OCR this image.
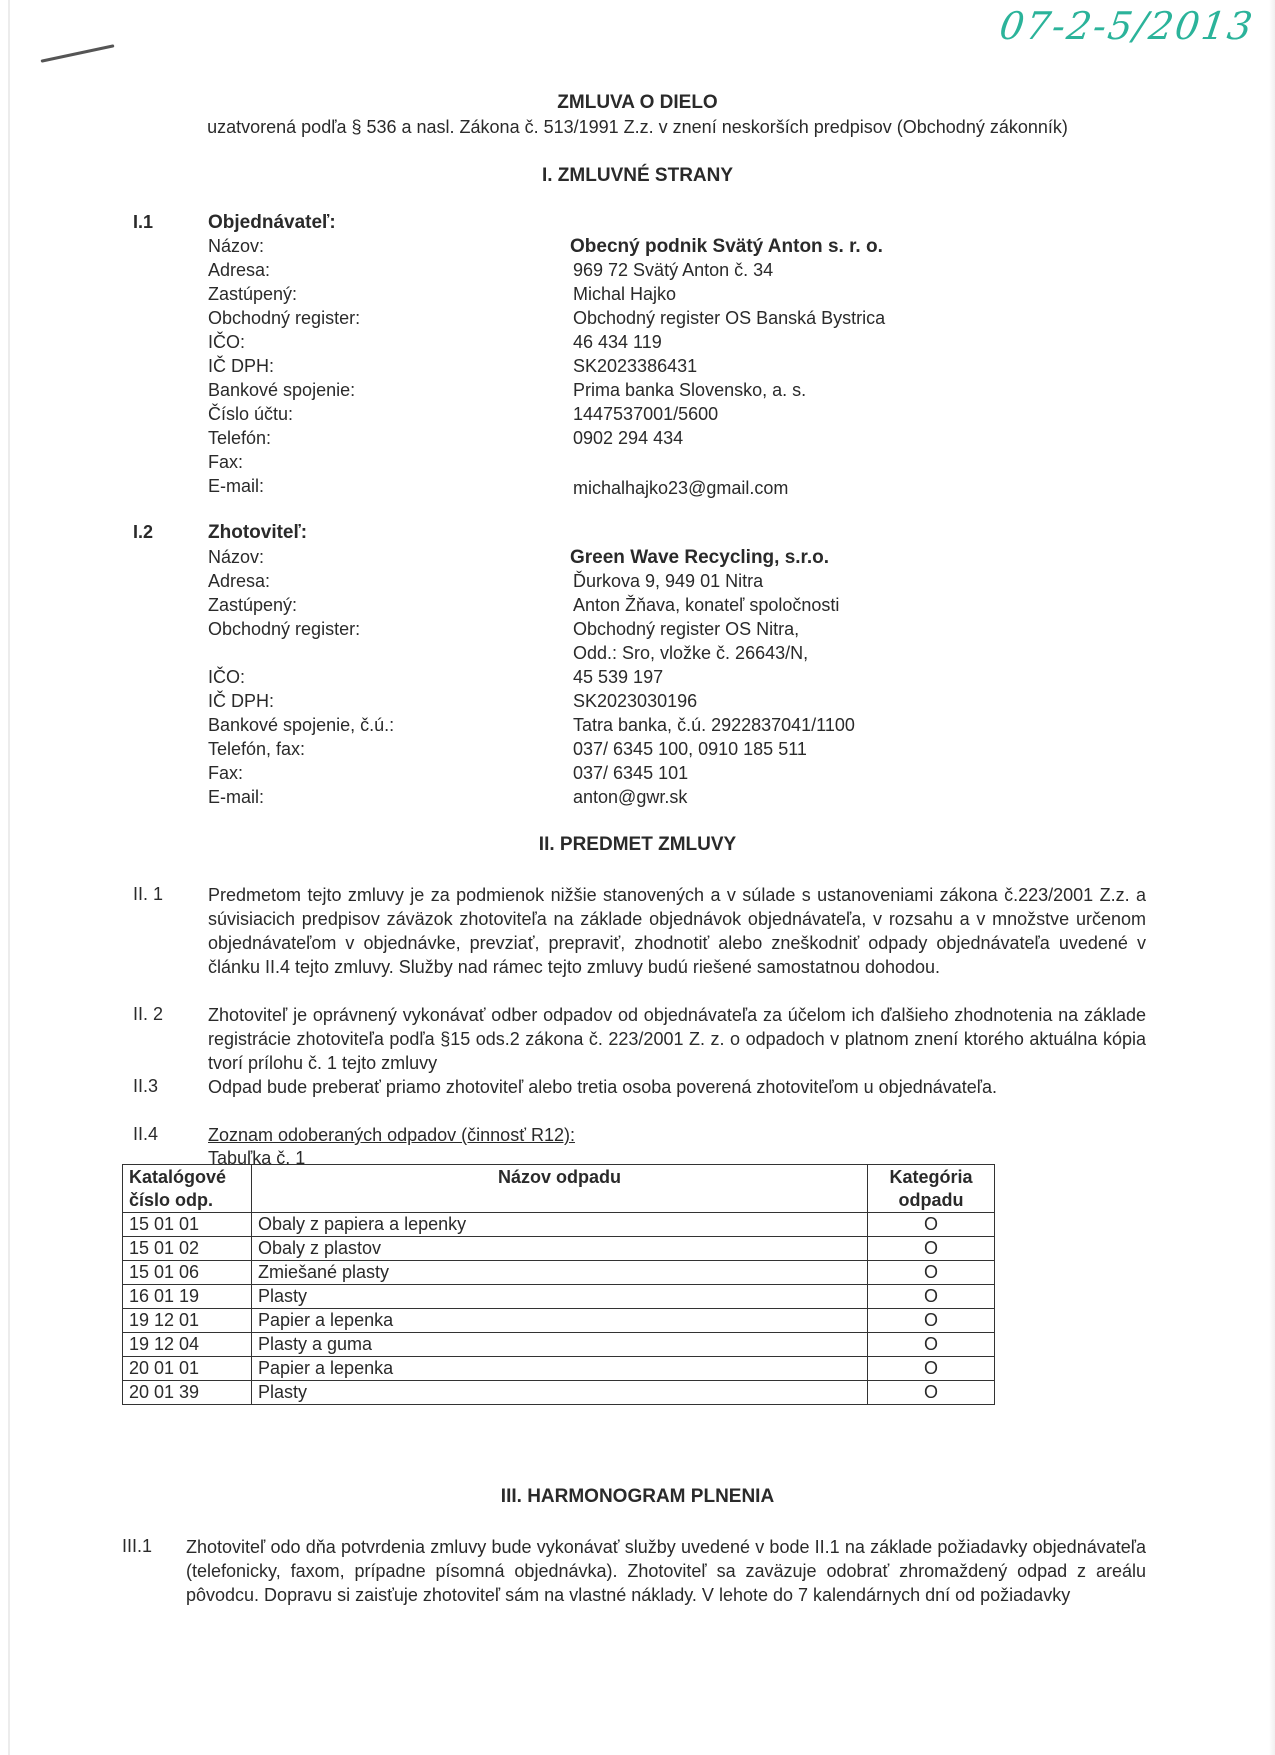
07-2-5/2013
ZMLUVA O DIELO
uzatvorená podľa § 536 a nasl. Zákona č. 513/1991 Z.z. v znení neskorších predpisov (Obchodný zákonník)
I. ZMLUVNÉ STRANY
I.1	Objednávateľ:
Názov:	Obecný podnik Svätý Anton s. r. o.
Adresa:	969 72 Svätý Anton č. 34
Zastúpený:	Michal Hajko
Obchodný register:	Obchodný register OS Banská Bystrica
IČO:	46 434 119
IČ DPH:	SK2023386431
Bankové spojenie:	Prima banka Slovensko, a. s.
Číslo účtu:	1447537001/5600
Telefón:	0902 294 434
Fax:
E-mail:	michalhajko23@gmail.com
I.2	Zhotoviteľ:
Názov:	Green Wave Recycling, s.r.o.
Adresa:	Ďurkova 9, 949 01 Nitra
Zastúpený:	Anton Žňava, konateľ spoločnosti
Obchodný register:	Obchodný register OS Nitra,
Odd.: Sro, vložke č. 26643/N,
IČO:	45 539 197
IČ DPH:	SK2023030196
Bankové spojenie, č.ú.:	Tatra banka, č.ú. 2922837041/1100
Telefón, fax:	037/ 6345 100, 0910 185 511
Fax:	037/ 6345 101
E-mail:	anton@gwr.sk
II. PREDMET ZMLUVY
II. 1 Predmetom tejto zmluvy je za podmienok nižšie stanovených a v súlade s ustanoveniami zákona č.223/2001 Z.z. a súvisiacich predpisov záväzok zhotoviteľa na základe objednávok objednávateľa, v rozsahu a v množstve určenom objednávateľom v objednávke, prevziať, prepraviť, zhodnotiť alebo zneškodniť odpady objednávateľa uvedené v článku II.4 tejto zmluvy. Služby nad rámec tejto zmluvy budú riešené samostatnou dohodou.
II. 2 Zhotoviteľ je oprávnený vykonávať odber odpadov od objednávateľa za účelom ich ďalšieho zhodnotenia na základe registrácie zhotoviteľa podľa §15 ods.2 zákona č. 223/2001 Z. z. o odpadoch v platnom znení ktorého aktuálna kópia tvorí prílohu č. 1 tejto zmluvy
II.3	Odpad bude preberať priamo zhotoviteľ alebo tretia osoba poverená zhotoviteľom u objednávateľa.
II.4	Zoznam odoberaných odpadov (činnosť R12):
Tabuľka č. 1
Katalógové číslo odp.	Názov odpadu	Kategória odpadu
15 01 01	Obaly z papiera a lepenky	O
15 01 02	Obaly z plastov	O
15 01 06	Zmiešané plasty	O
16 01 19	Plasty	O
19 12 01	Papier a lepenka	O
19 12 04	Plasty a guma	O
20 01 01	Papier a lepenka	O
20 01 39	Plasty	O
III. HARMONOGRAM PLNENIA
III.1 Zhotoviteľ odo dňa potvrdenia zmluvy bude vykonávať služby uvedené v bode II.1 na základe požiadavky objednávateľa (telefonicky, faxom, prípadne písomná objednávka). Zhotoviteľ sa zaväzuje odobrať zhromaždený odpad z areálu pôvodcu. Dopravu si zaisťuje zhotoviteľ sám na vlastné náklady. V lehote do 7 kalendárnych dní od požiadavky
